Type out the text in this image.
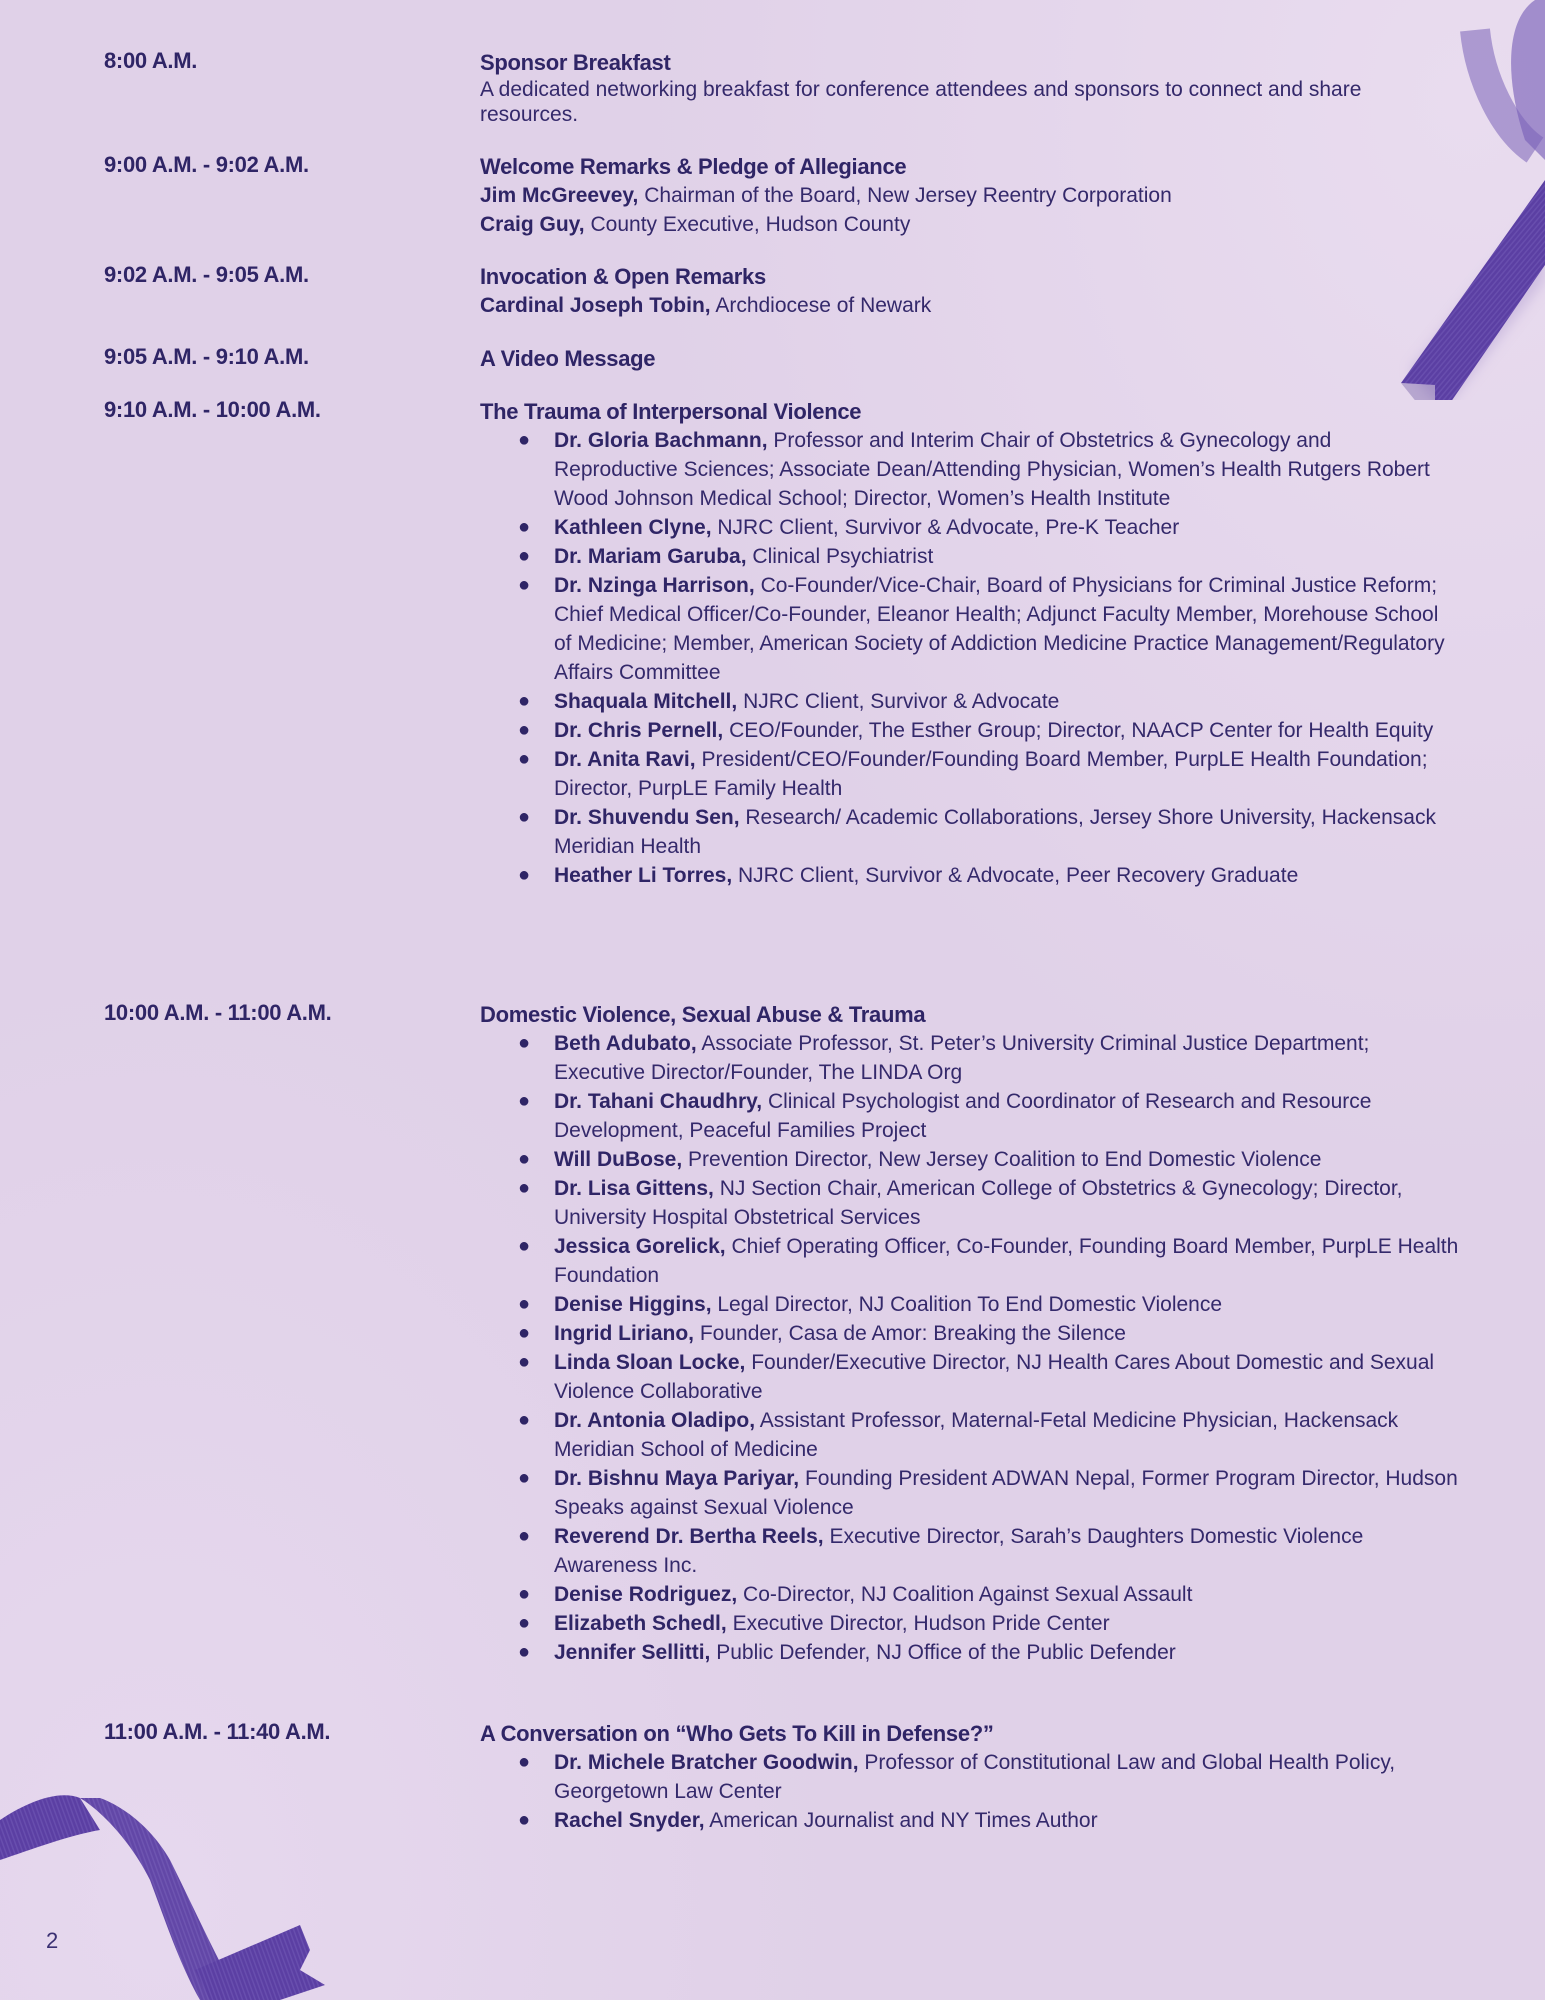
8:00 A.M.	Sponsor Breakfast
A dedicated networking breakfast for conference attendees and sponsors to connect and share resources.
9:00 A.M. - 9:02 A.M.	Welcome Remarks & Pledge of Allegiance
Jim McGreevey, Chairman of the Board, New Jersey Reentry Corporation
Craig Guy, County Executive, Hudson County
9:02 A.M. - 9:05 A.M.	Invocation & Open Remarks
Cardinal Joseph Tobin, Archdiocese of Newark
9:05 A.M. - 9:10 A.M.	A Video Message
9:10 A.M. - 10:00 A.M.	The Trauma of Interpersonal Violence
● Dr. Gloria Bachmann, Professor and Interim Chair of Obstetrics & Gynecology and Reproductive Sciences; Associate Dean/Attending Physician, Women’s Health Rutgers Robert Wood Johnson Medical School; Director, Women’s Health Institute
● Kathleen Clyne, NJRC Client, Survivor & Advocate, Pre-K Teacher
● Dr. Mariam Garuba, Clinical Psychiatrist
● Dr. Nzinga Harrison, Co-Founder/Vice-Chair, Board of Physicians for Criminal Justice Reform; Chief Medical Officer/Co-Founder, Eleanor Health; Adjunct Faculty Member, Morehouse School of Medicine; Member, American Society of Addiction Medicine Practice Management/Regulatory Affairs Committee
● Shaquala Mitchell, NJRC Client, Survivor & Advocate
● Dr. Chris Pernell, CEO/Founder, The Esther Group; Director, NAACP Center for Health Equity
● Dr. Anita Ravi, President/CEO/Founder/Founding Board Member, PurpLE Health Foundation; Director, PurpLE Family Health
● Dr. Shuvendu Sen, Research/ Academic Collaborations, Jersey Shore University, Hackensack Meridian Health
● Heather Li Torres, NJRC Client, Survivor & Advocate, Peer Recovery Graduate
10:00 A.M. - 11:00 A.M.	Domestic Violence, Sexual Abuse & Trauma
● Beth Adubato, Associate Professor, St. Peter’s University Criminal Justice Department; Executive Director/Founder, The LINDA Org
● Dr. Tahani Chaudhry, Clinical Psychologist and Coordinator of Research and Resource Development, Peaceful Families Project
● Will DuBose, Prevention Director, New Jersey Coalition to End Domestic Violence
● Dr. Lisa Gittens, NJ Section Chair, American College of Obstetrics & Gynecology; Director, University Hospital Obstetrical Services
● Jessica Gorelick, Chief Operating Officer, Co-Founder, Founding Board Member, PurpLE Health Foundation
● Denise Higgins, Legal Director, NJ Coalition To End Domestic Violence
● Ingrid Liriano, Founder, Casa de Amor: Breaking the Silence
● Linda Sloan Locke, Founder/Executive Director, NJ Health Cares About Domestic and Sexual Violence Collaborative
● Dr. Antonia Oladipo, Assistant Professor, Maternal-Fetal Medicine Physician, Hackensack Meridian School of Medicine
● Dr. Bishnu Maya Pariyar, Founding President ADWAN Nepal, Former Program Director, Hudson Speaks against Sexual Violence
● Reverend Dr. Bertha Reels, Executive Director, Sarah’s Daughters Domestic Violence Awareness Inc.
● Denise Rodriguez, Co-Director, NJ Coalition Against Sexual Assault
● Elizabeth Schedl, Executive Director, Hudson Pride Center
● Jennifer Sellitti, Public Defender, NJ Office of the Public Defender
11:00 A.M. - 11:40 A.M.	A Conversation on “Who Gets To Kill in Defense?”
● Dr. Michele Bratcher Goodwin, Professor of Constitutional Law and Global Health Policy, Georgetown Law Center
● Rachel Snyder, American Journalist and NY Times Author
2
